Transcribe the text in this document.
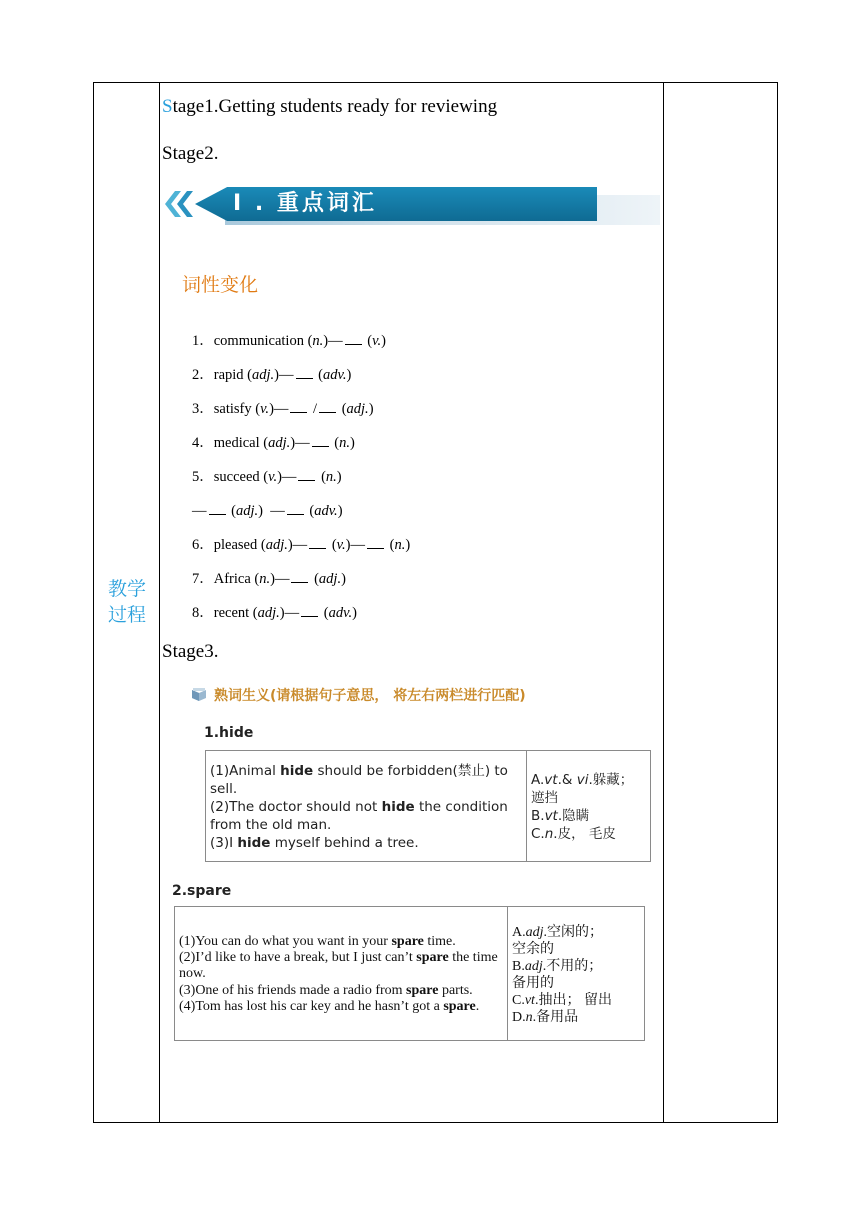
教学
过程
Stage1.Getting students ready for reviewing
Stage2.
I . 重点词汇
词性变化
1．communication (n.)— (v.)
2．rapid (adj.)— (adv.)
3．satisfy (v.)— / (adj.)
4．medical (adj.)— (n.)
5．succeed (v.)— (n.)
— (adj.) — (adv.)
6．pleased (adj.)— (v.)— (n.)
7．Africa (n.)— (adj.)
8．recent (adj.)— (adv.)
Stage3.
熟词生义(请根据句子意思， 将左右两栏进行匹配)
1.hide
(1)Animal hide should be forbidden(禁止) to sell.
(2)The doctor should not hide the condition from the old man.
(3)I hide myself behind a tree.

A.vt.& vi.躲藏；
遮挡
B.vt.隐瞒
C.n.皮， 毛皮
2.spare
(1)You can do what you want in your spare time.
(2)I’d like to have a break, but I just can’t spare the time now.
(3)One of his friends made a radio from spare parts.
(4)Tom has lost his car key and he hasn’t got a spare.

A.adj.空闲的；
空余的
B.adj.不用的；
备用的
C.vt.抽出； 留出
D.n.备用品
